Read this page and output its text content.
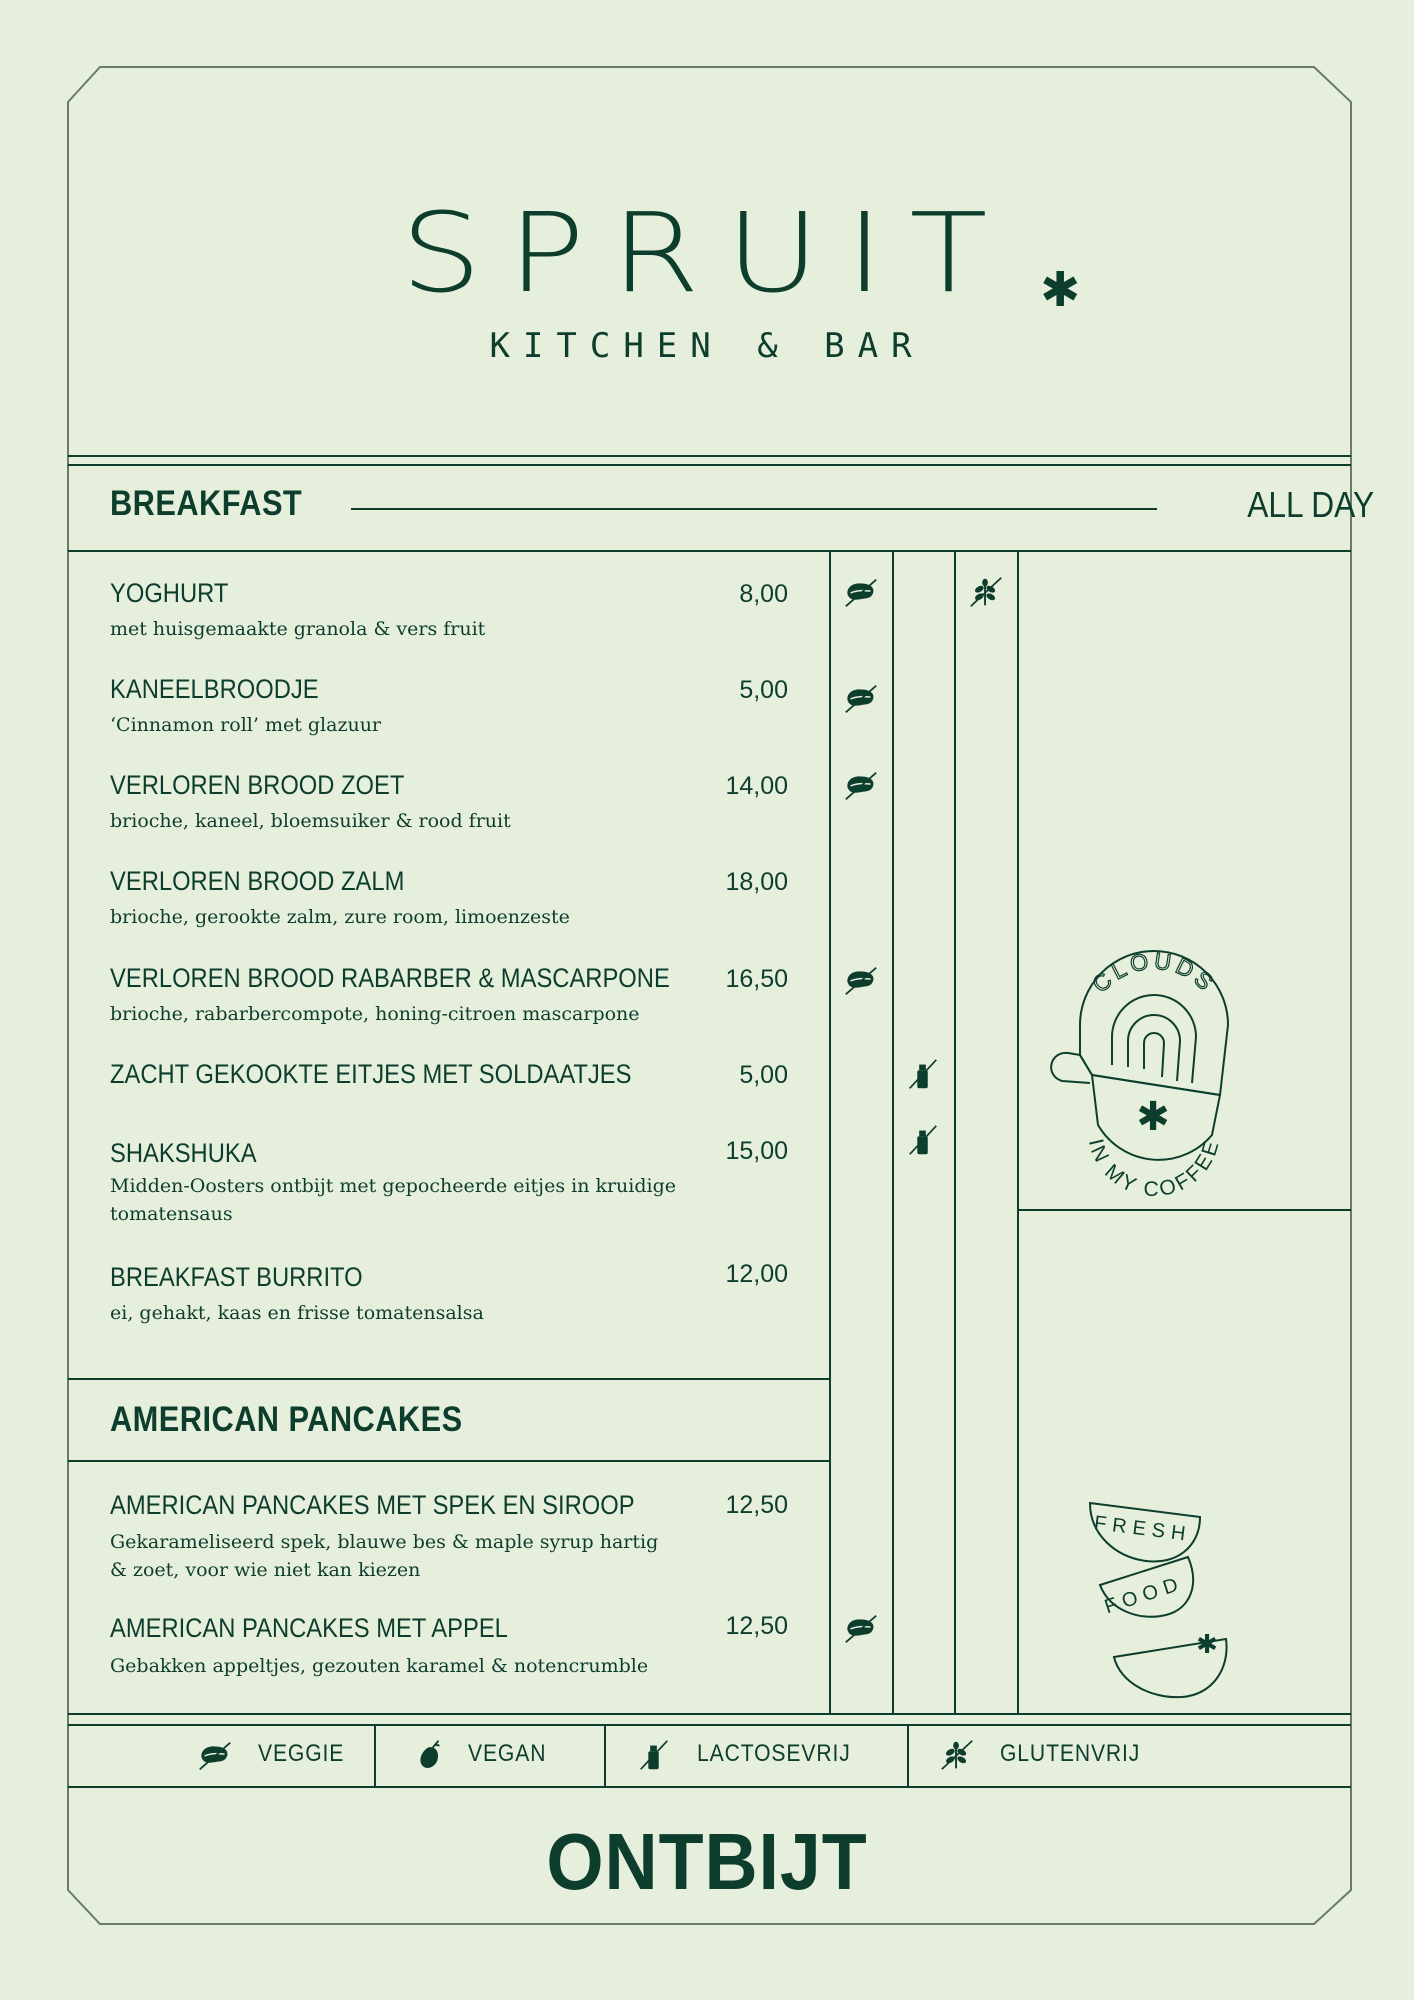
SPRUIT ✱
KITCHEN & BAR
BREAKFAST	ALL DAY
YOGHURT	8,00
met huisgemaakte granola & vers fruit
KANEELBROODJE	5,00
‘Cinnamon roll’ met glazuur
VERLOREN BROOD ZOET	14,00
brioche, kaneel, bloemsuiker & rood fruit
VERLOREN BROOD ZALM	18,00
brioche, gerookte zalm, zure room, limoenzeste
VERLOREN BROOD RABARBER & MASCARPONE	16,50
brioche, rabarbercompote, honing-citroen mascarpone
ZACHT GEKOOKTE EITJES MET SOLDAATJES	5,00
SHAKSHUKA	15,00
Midden-Oosters ontbijt met gepocheerde eitjes in kruidige tomatensaus
BREAKFAST BURRITO	12,00
ei, gehakt, kaas en frisse tomatensalsa
AMERICAN PANCAKES
AMERICAN PANCAKES MET SPEK EN SIROOP	12,50
Gekarameliseerd spek, blauwe bes & maple syrup hartig & zoet, voor wie niet kan kiezen
AMERICAN PANCAKES MET APPEL	12,50
Gebakken appeltjes, gezouten karamel & notencrumble
CLOUDS
IN MY COFFEE
✱
FRESH
FOOD
✱
VEGGIE	VEGAN	LACTOSEVRIJ	GLUTENVRIJ
ONTBIJT
